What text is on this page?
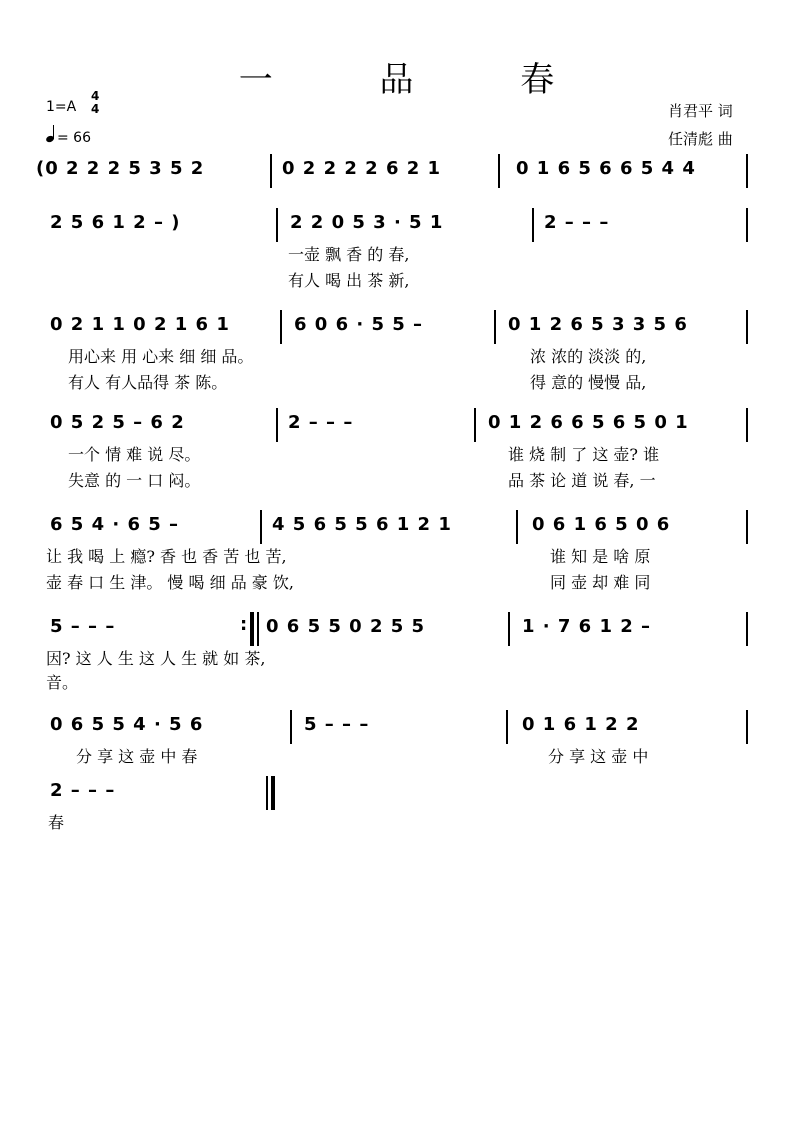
一 品 春
1=A
4
4
= 66
肖君平 词
任清彪 曲
(0 2 2 2 5 3 5 2	0 2 2 2 2 6 2 1	0 1 6 5 6 6 5 4 4
2 5 6 1 2 – )	2 2 0 5 3 · 5 1	2 – – –
一壶 飘 香 的 春,
有人 喝 出 茶 新,
0 2 1 1 0 2 1 6 1	6 0 6 · 5 5 –	0 1 2 6 5 3 3 5 6
用心来 用 心来 细 细 品。
有人 有人品得 茶 陈。
浓 浓的 淡淡 的,
得 意的 慢慢 品,
0 5 2 5 – 6 2	2 – – –	0 1 2 6 6 5 6 5 0 1
一个 情 难 说 尽。
失意 的 一 口 闷。
谁 烧 制 了 这 壶? 谁
品 茶 论 道 说 春, 一
6 5 4 · 6 5 –	4 5 6 5 5 6 1 2 1	0 6 1 6 5 0 6
让 我 喝 上 瘾? 香 也 香 苦 也 苦,
壶 春 口 生 津。 慢 喝 细 品 豪 饮,
谁 知 是 啥 原
同 壶 却 难 同
5 – – –	: 0 6 5 5 0 2 5 5	1 · 7 6 1 2 –
因? 这 人 生 这 人 生 就 如 茶,
音。
0 6 5 5 4 · 5 6	5 – – –	0 1 6 1 2 2
分 享 这 壶 中 春	分 享 这 壶 中
2 – – –
春
